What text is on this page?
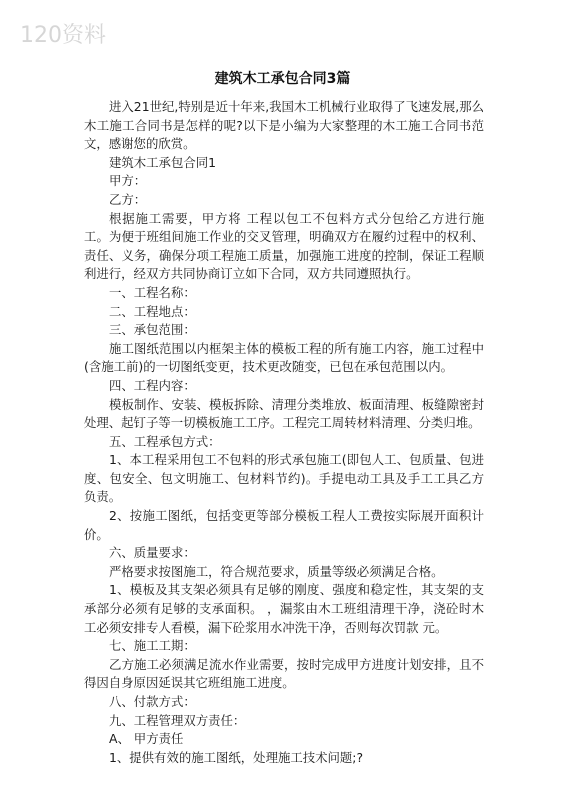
120资料
建筑木工承包合同3篇

进入21世纪,特别是近十年来,我国木工机械行业取得了飞速发展,那么木工施工合同书是怎样的呢?以下是小编为大家整理的木工施工合同书范文，感谢您的欣赏。

建筑木工承包合同1

甲方：

乙方：

根据施工需要，甲方将 工程以包工不包料方式分包给乙方进行施工。为便于班组间施工作业的交叉管理，明确双方在履约过程中的权利、责任、义务，确保分项工程施工质量，加强施工进度的控制，保证工程顺利进行，经双方共同协商订立如下合同，双方共同遵照执行。

一、工程名称：

二、工程地点：

三、承包范围：

施工图纸范围以内框架主体的模板工程的所有施工内容，施工过程中(含施工前)的一切图纸变更，技术更改随变，已包在承包范围以内。

四、工程内容：

模板制作、安装、模板拆除、清理分类堆放、板面清理、板缝隙密封处理、起钉子等一切模板施工工序。工程完工周转材料清理、分类归堆。

五、工程承包方式：

1、本工程采用包工不包料的形式承包施工(即包人工、包质量、包进度、包安全、包文明施工、包材料节约)。手提电动工具及手工工具乙方负责。

2、按施工图纸，包括变更等部分模板工程人工费按实际展开面积计价。

六、质量要求：

严格要求按图施工，符合规范要求，质量等级必须满足合格。

1、模板及其支架必须具有足够的刚度、强度和稳定性，其支架的支承部分必须有足够的支承面积。 ，漏浆由木工班组清理干净，浇砼时木工必须安排专人看模，漏下砼浆用水冲洗干净，否则每次罚款 元。

七、施工工期：

乙方施工必须满足流水作业需要，按时完成甲方进度计划安排，且不得因自身原因延误其它班组施工进度。

八、付款方式：

九、工程管理双方责任：

A、 甲方责任

1、提供有效的施工图纸，处理施工技术问题;?
